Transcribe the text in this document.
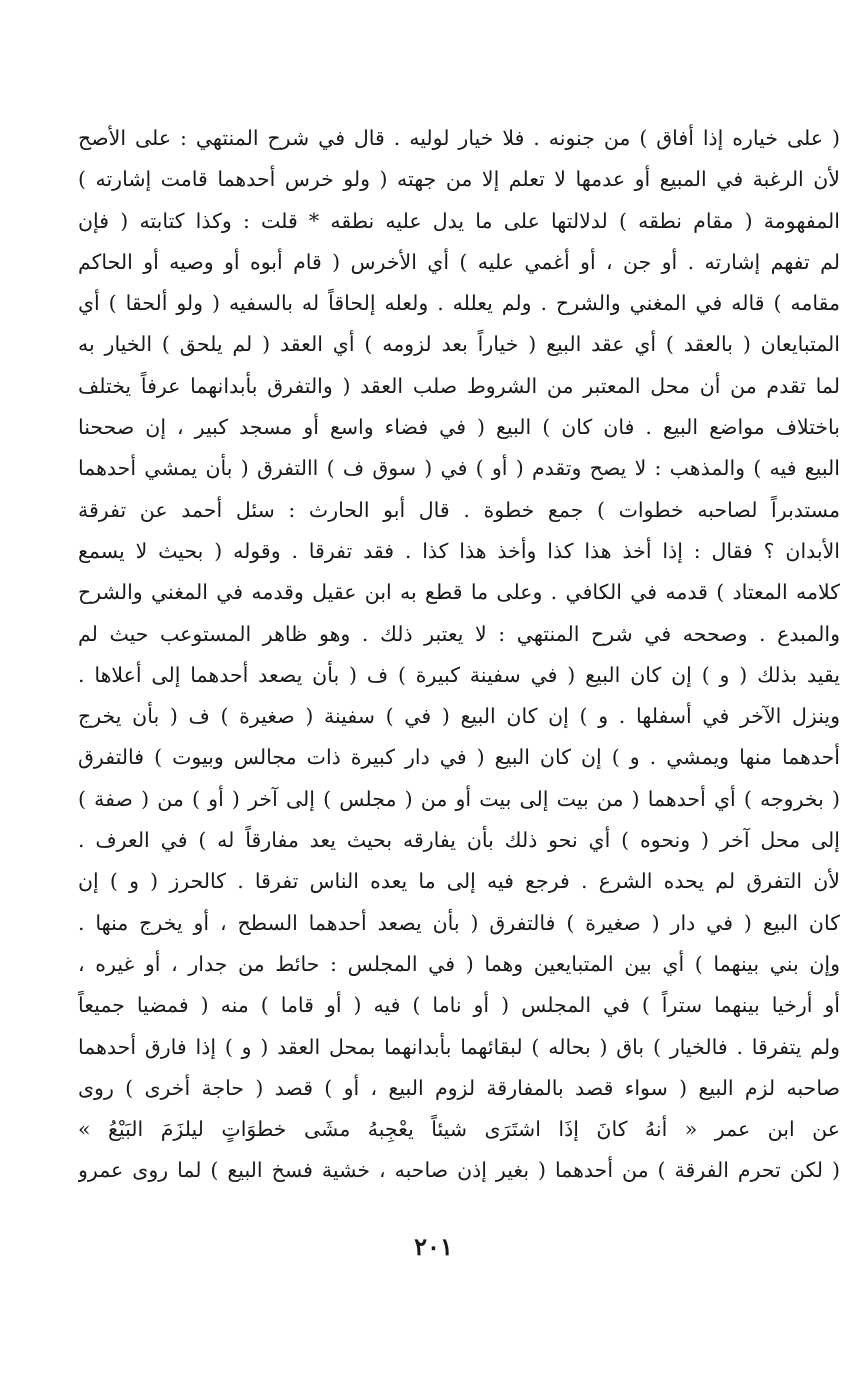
( على خياره إذا أفاق ) من جنونه . فلا خيار لوليه . قال في شرح المنتهي : على الأصح
لأن الرغبة في المبيع أو عدمها لا تعلم إلا من جهته ( ولو خرس أحدهما قامت إشارته )
المفهومة ( مقام نطقه ) لدلالتها على ما يدل عليه نطقه * قلت : وكذا كتابته ( فإن
لم تفهم إشارته . أو جن ، أو أغمي عليه ) أي الأخرس ( قام أبوه أو وصيه أو الحاكم
مقامه ) قاله في المغني والشرح . ولم يعلله . ولعله إلحاقاً له بالسفيه ( ولو ألحقا ) أي
المتبايعان ( بالعقد ) أي عقد البيع ( خياراً بعد لزومه ) أي العقد ( لم يلحق ) الخيار به
لما تقدم من أن محل المعتبر من الشروط صلب العقد ( والتفرق بأبدانهما عرفاً يختلف
باختلاف مواضع البيع . فان كان ) البيع ( في فضاء واسع أو مسجد كبير ، إن صححنا
البيع فيه ) والمذهب : لا يصح وتقدم ( أو ) في ( سوق ف ) االتفرق ( بأن يمشي أحدهما
مستدبراً لصاحبه خطوات ) جمع خطوة . قال أبو الحارث : سئل أحمد عن تفرقة
الأبدان ؟ فقال : إذا أخذ هذا كذا وأخذ هذا كذا . فقد تفرقا . وقوله ( بحيث لا يسمع
كلامه المعتاد ) قدمه في الكافي . وعلى ما قطع به ابن عقيل وقدمه في المغني والشرح
والمبدع . وصححه في شرح المنتهي : لا يعتبر ذلك . وهو ظاهر المستوعب حيث لم
يقيد بذلك ( و ) إن كان البيع ( في سفينة كبيرة ) ف ( بأن يصعد أحدهما إلى أعلاها .
وينزل الآخر في أسفلها . و ) إن كان البيع ( في ) سفينة ( صغيرة ) ف ( بأن يخرج
أحدهما منها ويمشي . و ) إن كان البيع ( في دار كبيرة ذات مجالس وبيوت ) فالتفرق
( بخروجه ) أي أحدهما ( من بيت إلى بيت أو من ( مجلس ) إلى آخر ( أو ) من ( صفة )
إلى محل آخر ( ونحوه ) أي نحو ذلك بأن يفارقه بحيث يعد مفارقاً له ) في العرف .
لأن التفرق لم يحده الشرع . فرجع فيه إلى ما يعده الناس تفرقا . كالحرز ( و ) إن
كان البيع ( في دار ( صغيرة ) فالتفرق ( بأن يصعد أحدهما السطح ، أو يخرج منها .
وإن بني بينهما ) أي بين المتبايعين وهما ( في المجلس : حائط من جدار ، أو غيره ،
أو أرخيا بينهما ستراً ) في المجلس ( أو ناما ) فيه ( أو قاما ) منه ( فمضيا جميعاً
ولم يتفرقا . فالخيار ) باق ( بحاله ) لبقائهما بأبدانهما بمحل العقد ( و ) إذا فارق أحدهما
صاحبه لزم البيع ( سواء قصد بالمفارقة لزوم البيع ، أو ) قصد ( حاجة أخرى ) روى
عن ابن عمر « أنهُ كانَ إذَا اشتَرَى شيئاً يعْجِبهُ مشَى خطوَاتٍ ليلزَمَ البَيْعُ »
( لكن تحرم الفرقة ) من أحدهما ( بغير إذن صاحبه ، خشية فسخ البيع ) لما روى عمرو
٢٠١
